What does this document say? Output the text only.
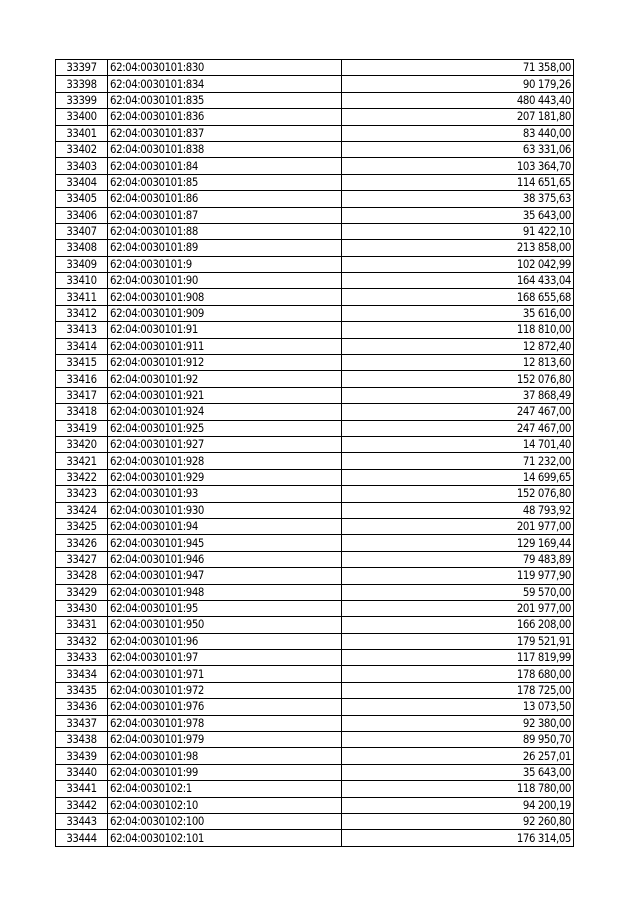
33397	62:04:0030101:830	71 358,00
33398	62:04:0030101:834	90 179,26
33399	62:04:0030101:835	480 443,40
33400	62:04:0030101:836	207 181,80
33401	62:04:0030101:837	83 440,00
33402	62:04:0030101:838	63 331,06
33403	62:04:0030101:84	103 364,70
33404	62:04:0030101:85	114 651,65
33405	62:04:0030101:86	38 375,63
33406	62:04:0030101:87	35 643,00
33407	62:04:0030101:88	91 422,10
33408	62:04:0030101:89	213 858,00
33409	62:04:0030101:9	102 042,99
33410	62:04:0030101:90	164 433,04
33411	62:04:0030101:908	168 655,68
33412	62:04:0030101:909	35 616,00
33413	62:04:0030101:91	118 810,00
33414	62:04:0030101:911	12 872,40
33415	62:04:0030101:912	12 813,60
33416	62:04:0030101:92	152 076,80
33417	62:04:0030101:921	37 868,49
33418	62:04:0030101:924	247 467,00
33419	62:04:0030101:925	247 467,00
33420	62:04:0030101:927	14 701,40
33421	62:04:0030101:928	71 232,00
33422	62:04:0030101:929	14 699,65
33423	62:04:0030101:93	152 076,80
33424	62:04:0030101:930	48 793,92
33425	62:04:0030101:94	201 977,00
33426	62:04:0030101:945	129 169,44
33427	62:04:0030101:946	79 483,89
33428	62:04:0030101:947	119 977,90
33429	62:04:0030101:948	59 570,00
33430	62:04:0030101:95	201 977,00
33431	62:04:0030101:950	166 208,00
33432	62:04:0030101:96	179 521,91
33433	62:04:0030101:97	117 819,99
33434	62:04:0030101:971	178 680,00
33435	62:04:0030101:972	178 725,00
33436	62:04:0030101:976	13 073,50
33437	62:04:0030101:978	92 380,00
33438	62:04:0030101:979	89 950,70
33439	62:04:0030101:98	26 257,01
33440	62:04:0030101:99	35 643,00
33441	62:04:0030102:1	118 780,00
33442	62:04:0030102:10	94 200,19
33443	62:04:0030102:100	92 260,80
33444	62:04:0030102:101	176 314,05
